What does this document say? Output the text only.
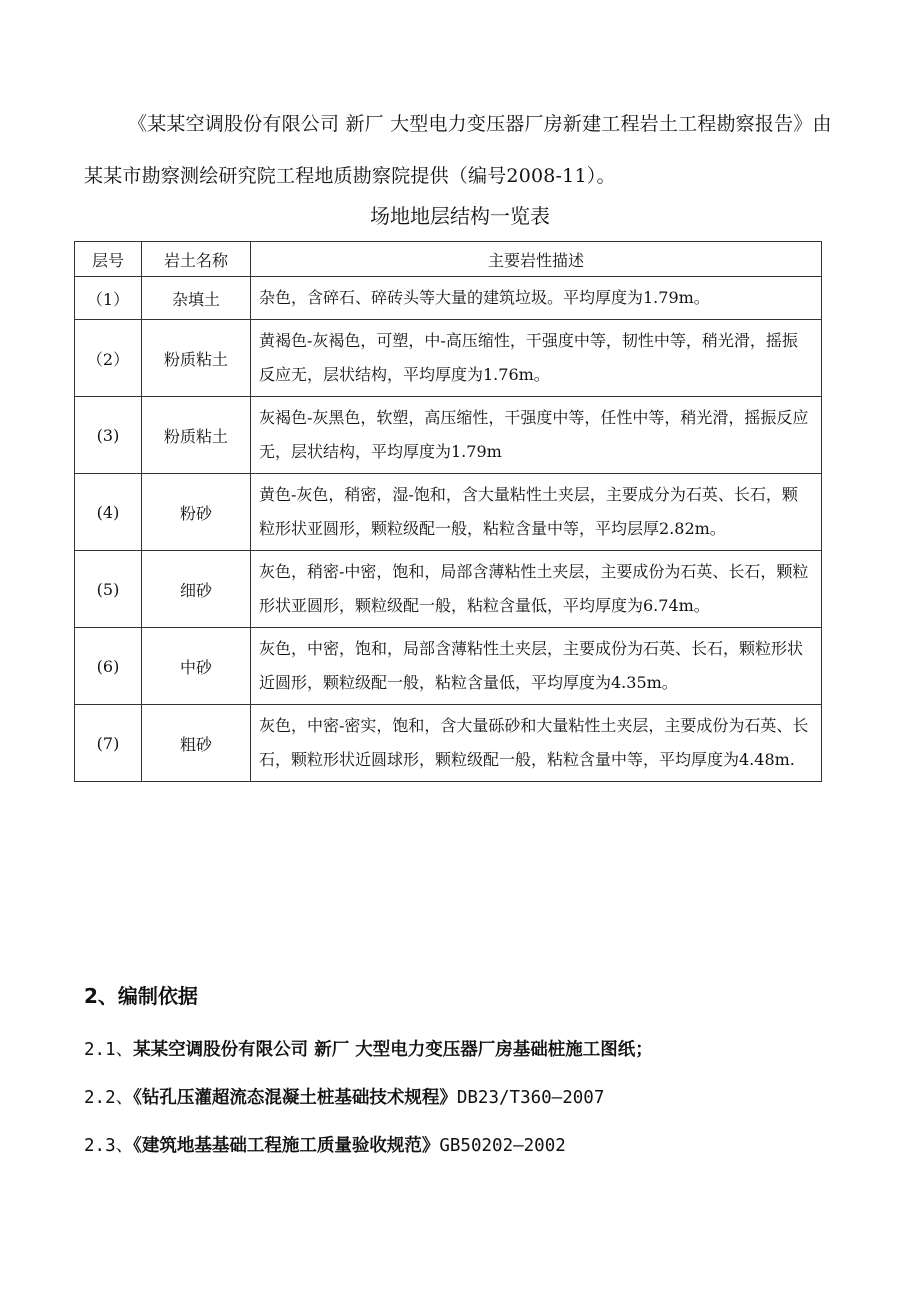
《某某空调股份有限公司 新厂 大型电力变压器厂房新建工程岩土工程勘察报告》由某某市勘察测绘研究院工程地质勘察院提供（编号2008-11）。

场地地层结构一览表

层号	岩土名称	主要岩性描述
（1）	杂填土	杂色，含碎石、碎砖头等大量的建筑垃圾。平均厚度为1.79m。
（2）	粉质粘土	黄褐色-灰褐色，可塑，中-高压缩性，干强度中等，韧性中等，稍光滑，摇振反应无，层状结构，平均厚度为1.76m。
(3)	粉质粘土	灰褐色-灰黑色，软塑，高压缩性，干强度中等，任性中等，稍光滑，摇振反应无，层状结构，平均厚度为1.79m
(4)	粉砂	黄色-灰色，稍密，湿-饱和，含大量粘性土夹层，主要成分为石英、长石，颗粒形状亚圆形，颗粒级配一般，粘粒含量中等，平均层厚2.82m。
(5)	细砂	灰色，稍密-中密，饱和，局部含薄粘性土夹层，主要成份为石英、长石，颗粒形状亚圆形，颗粒级配一般，粘粒含量低，平均厚度为6.74m。
(6)	中砂	灰色，中密，饱和，局部含薄粘性土夹层，主要成份为石英、长石，颗粒形状近圆形，颗粒级配一般，粘粒含量低，平均厚度为4.35m。
(7)	粗砂	灰色，中密-密实，饱和，含大量砾砂和大量粘性土夹层，主要成份为石英、长石，颗粒形状近圆球形，颗粒级配一般，粘粒含量中等，平均厚度为4.48m.
2、编制依据

2.1、某某空调股份有限公司 新厂 大型电力变压器厂房基础桩施工图纸；

2.2、《钻孔压灌超流态混凝土桩基础技术规程》DB23/T360—2007

2.3、《建筑地基基础工程施工质量验收规范》GB50202—2002
